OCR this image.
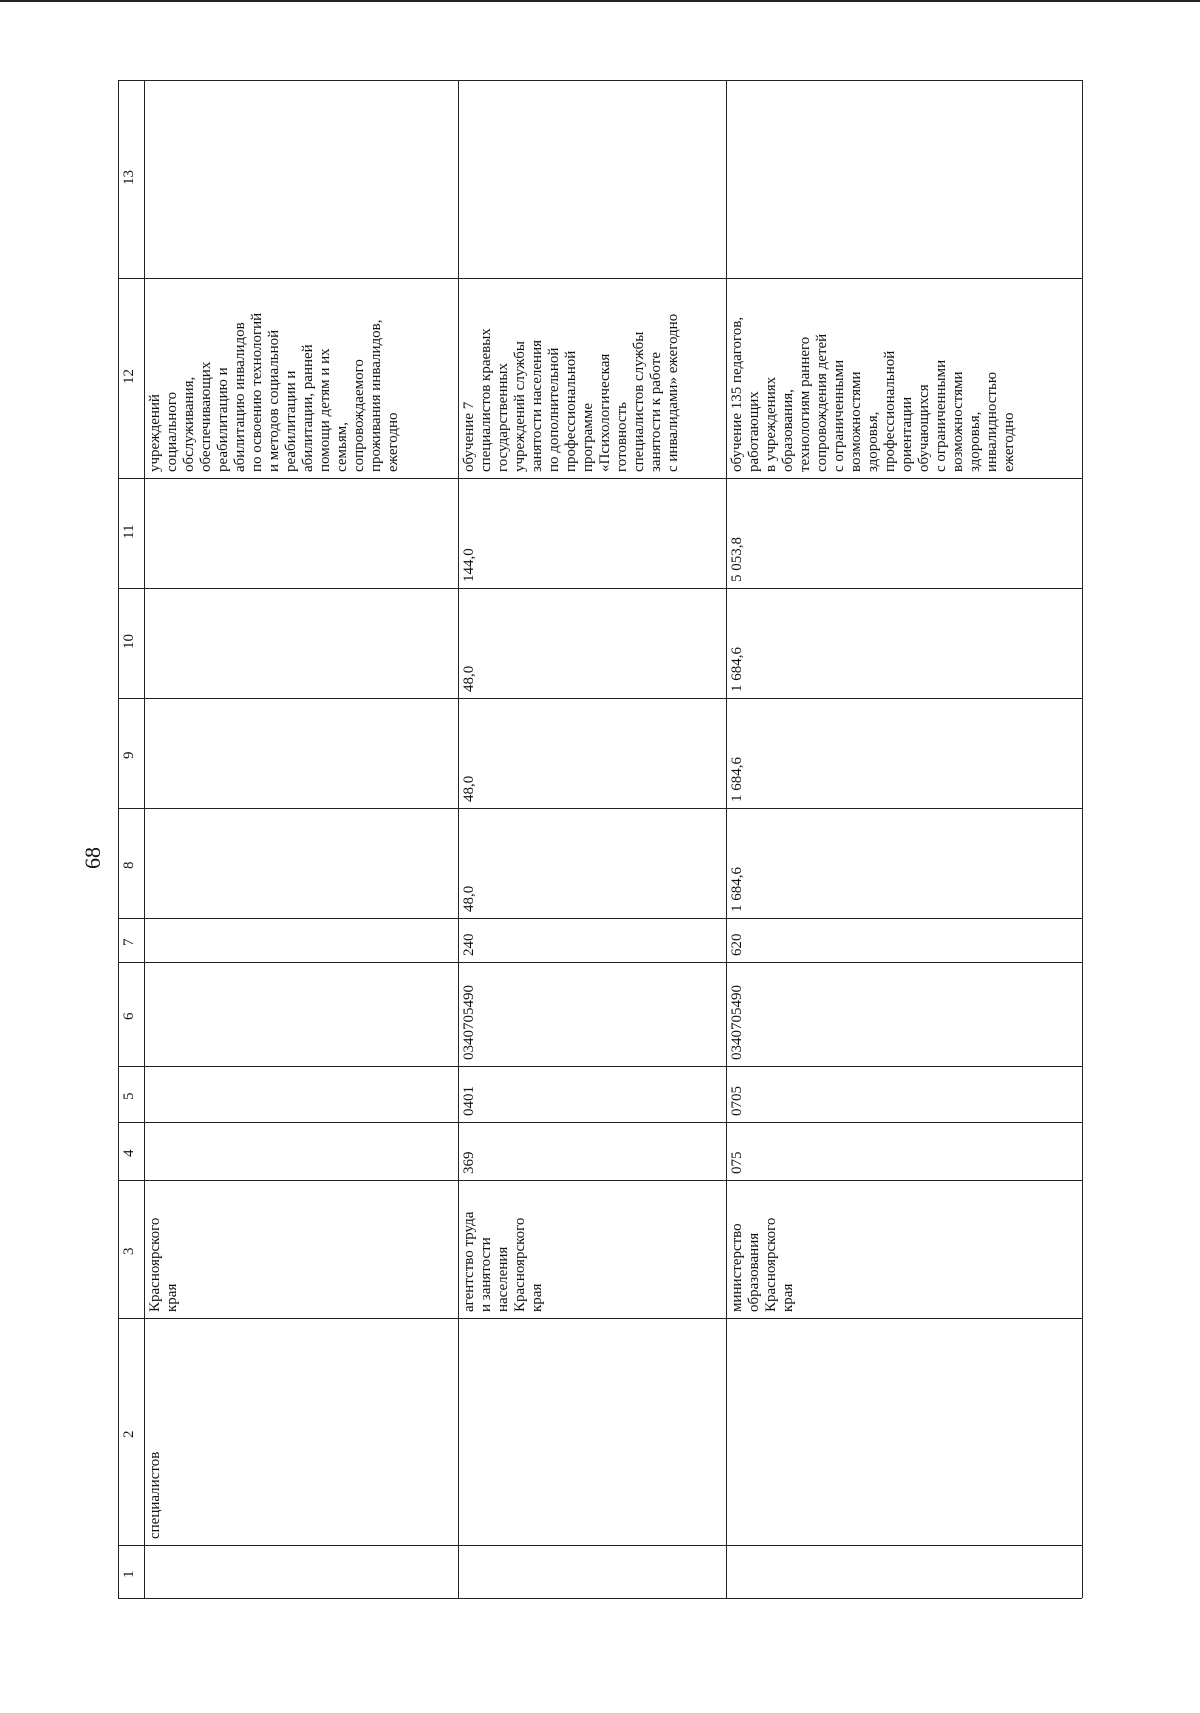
68
1
2
3
4
5
6
7
8
9
10
11
12
13
специалистов
Красноярского края
учреждений социального обслуживания, обеспечивающих реабилитацию и абилитацию инвалидов по освоению технологий и методов социальной реабилитации и абилитации, ранней помощи детям и их семьям, сопровождаемого проживания инвалидов, ежегодно
агентство труда и занятости населения Красноярского края
369
0401
0340705490
240
48,0
48,0
48,0
144,0
обучение 7 специалистов краевых государственных учреждений службы занятости населения по дополнительной профессиональной программе «Психологическая готовность специалистов службы занятости к работе с инвалидами» ежегодно
министерство образования Красноярского края
075
0705
0340705490
620
1 684,6
1 684,6
1 684,6
5 053,8
обучение 135 педагогов, работающих в учреждениях образования, технологиям раннего сопровождения детей с ограниченными возможностями здоровья, профессиональной ориентации обучающихся с ограниченными возможностями здоровья, инвалидностью ежегодно
